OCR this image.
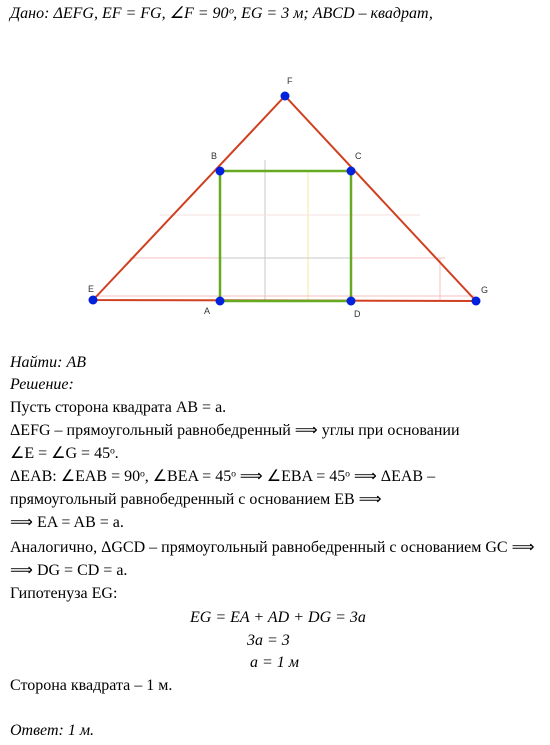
Дано: ΔEFG, EF = FG, ∠F = 90ᵒ, EG = 3 м; ABCD – квадрат,
F
B	C
E	G
A	D
Найти: AB
Решение:
Пусть сторона квадрата AB = a.
ΔEFG – прямоугольный равнобедренный ⟹ углы при основании
∠E = ∠G = 45ᵒ.
ΔEAB: ∠EAB = 90ᵒ, ∠BEA = 45ᵒ ⟹ ∠EBA = 45ᵒ ⟹ ΔEAB –
прямоугольный равнобедренный с основанием EB ⟹
⟹ EA = AB = a.
Аналогично, ΔGCD – прямоугольный равнобедренный с основанием GC ⟹
⟹ DG = CD = a.
Гипотенуза EG:
EG = EA + AD + DG = 3a
3a = 3
a = 1 м
Сторона квадрата – 1 м.
Ответ: 1 м.
